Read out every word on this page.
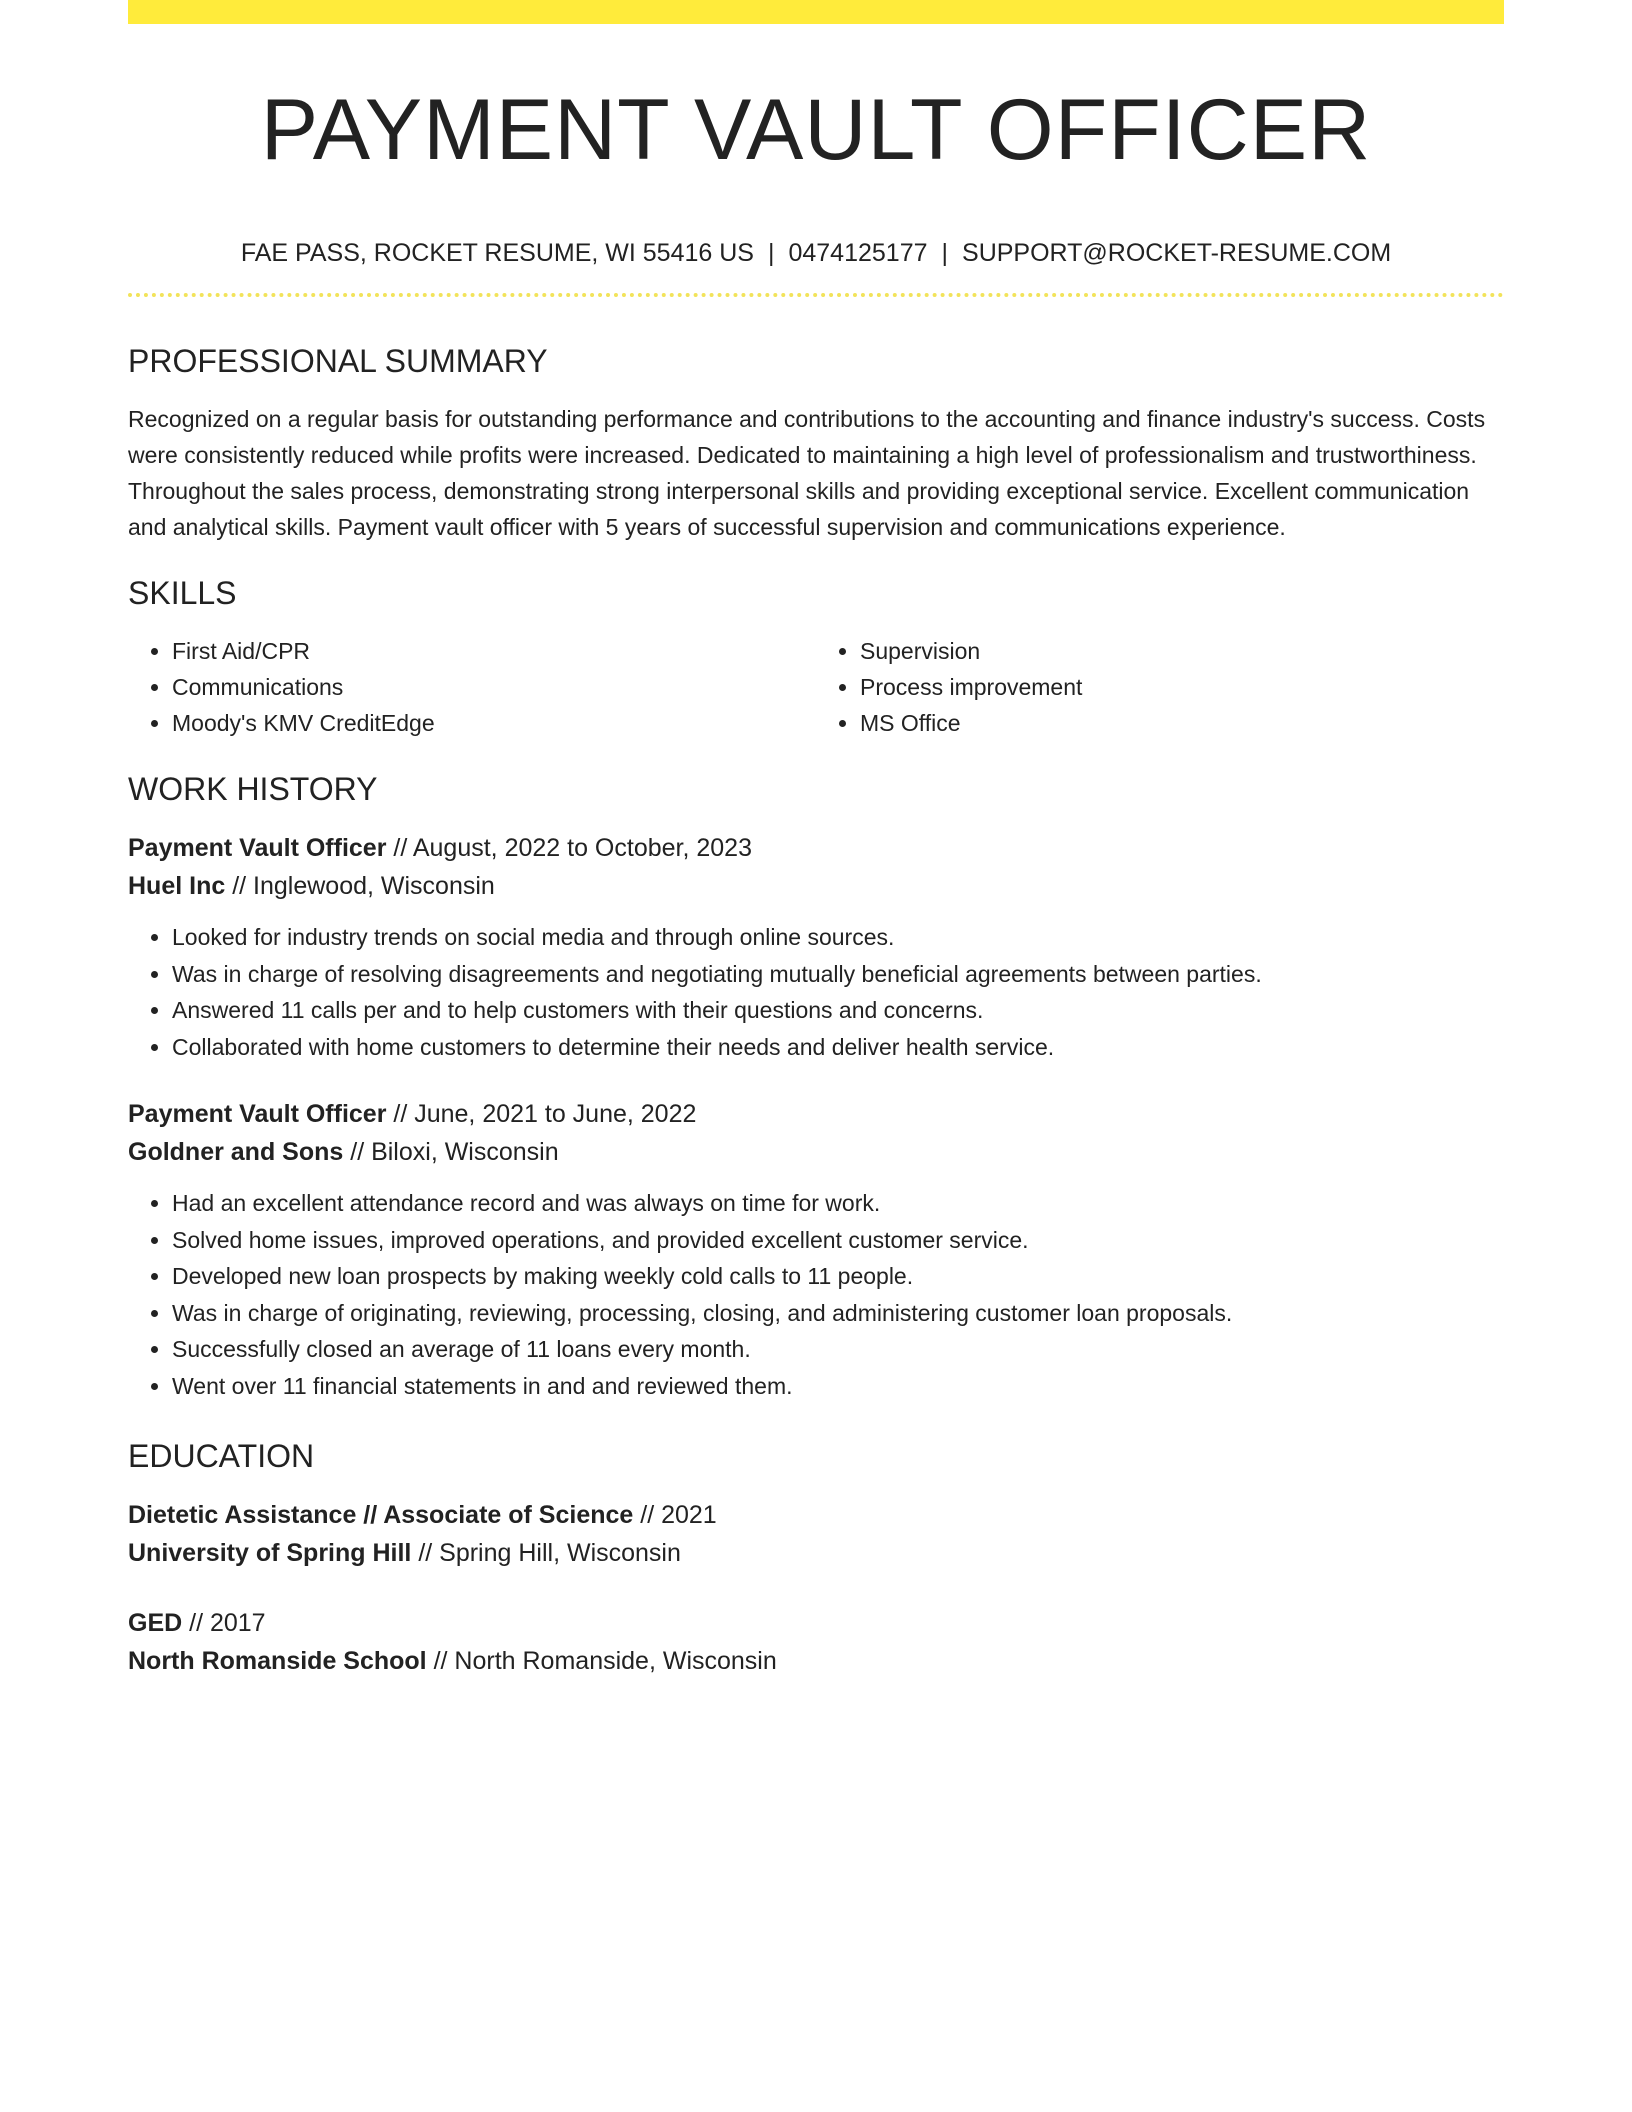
PAYMENT VAULT OFFICER
FAE PASS, ROCKET RESUME, WI 55416 US | 0474125177 | SUPPORT@ROCKET-RESUME.COM
PROFESSIONAL SUMMARY
Recognized on a regular basis for outstanding performance and contributions to the accounting and finance industry's success. Costs were consistently reduced while profits were increased. Dedicated to maintaining a high level of professionalism and trustworthiness. Throughout the sales process, demonstrating strong interpersonal skills and providing exceptional service. Excellent communication and analytical skills. Payment vault officer with 5 years of successful supervision and communications experience.
SKILLS
• First Aid/CPR
• Communications
• Moody's KMV CreditEdge
• Supervision
• Process improvement
• MS Office
WORK HISTORY
Payment Vault Officer // August, 2022 to October, 2023
Huel Inc // Inglewood, Wisconsin
• Looked for industry trends on social media and through online sources.
• Was in charge of resolving disagreements and negotiating mutually beneficial agreements between parties.
• Answered 11 calls per and to help customers with their questions and concerns.
• Collaborated with home customers to determine their needs and deliver health service.
Payment Vault Officer // June, 2021 to June, 2022
Goldner and Sons // Biloxi, Wisconsin
• Had an excellent attendance record and was always on time for work.
• Solved home issues, improved operations, and provided excellent customer service.
• Developed new loan prospects by making weekly cold calls to 11 people.
• Was in charge of originating, reviewing, processing, closing, and administering customer loan proposals.
• Successfully closed an average of 11 loans every month.
• Went over 11 financial statements in and and reviewed them.
EDUCATION
Dietetic Assistance // Associate of Science // 2021
University of Spring Hill // Spring Hill, Wisconsin
GED // 2017
North Romanside School // North Romanside, Wisconsin
